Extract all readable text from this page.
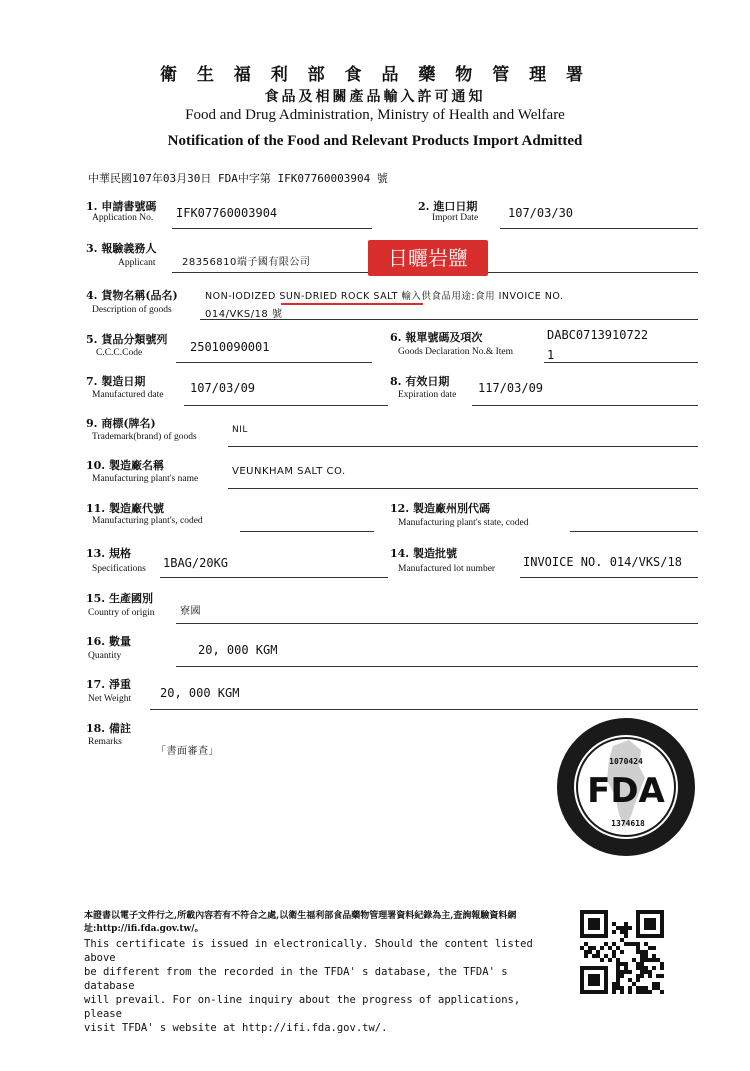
衛 生 福 利 部 食 品 藥 物 管 理 署
食品及相關產品輸入許可通知
Food and Drug Administration, Ministry of Health and Welfare
Notification of the Food and Relevant Products Import Admitted
中華民國107年03月30日 FDA中字第 IFK07760003904 號
1. 申請書號碼
Application No. IFK07760003904	2. 進口日期
Import Date 107/03/30
3. 報驗義務人
Applicant	28356810端子國有限公司	日曬岩鹽
4. 貨物名稱(品名)
Description of goods
NON-IODIZED SUN-DRIED ROCK SALT 輸入供食品用途:食用 INVOICE NO.
014/VKS/18 號
5. 貨品分類號列
C.C.C.Code	25010090001
6. 報單號碼及項次
Goods Declaration No.& Item
DABC0713910722
1
7. 製造日期
Manufactured date 107/03/09	8. 有效日期
Expiration date 117/03/09
9. 商標(牌名)
Trademark(brand) of goods
NIL
10. 製造廠名稱
Manufacturing plant's name
VEUNKHAM SALT CO.
11. 製造廠代號
Manufacturing plant's, coded
12. 製造廠州別代碼
Manufacturing plant's state, coded
13. 規格
Specifications 1BAG/20KG
14. 製造批號
Manufactured lot number INVOICE NO. 014/VKS/18
15. 生產國別
Country of origin	寮國
16. 數量
Quantity	20, 000 KGM
17. 淨重
Net Weight 20, 000 KGM
18. 備註
Remarks
「書面審查」
1070424
FDA
1374618
本證書以電子文件行之,所載內容若有不符合之處,以衛生福利部食品藥物管理署資料紀錄為主,查詢報驗資料網址:http://ifi.fda.gov.tw/。
This certificate is issued in electronically. Should the content listed above
be different from the recorded in the TFDA' s database, the TFDA' s database
will prevail. For on-line inquiry about the progress of applications, please
visit TFDA' s website at http://ifi.fda.gov.tw/.
